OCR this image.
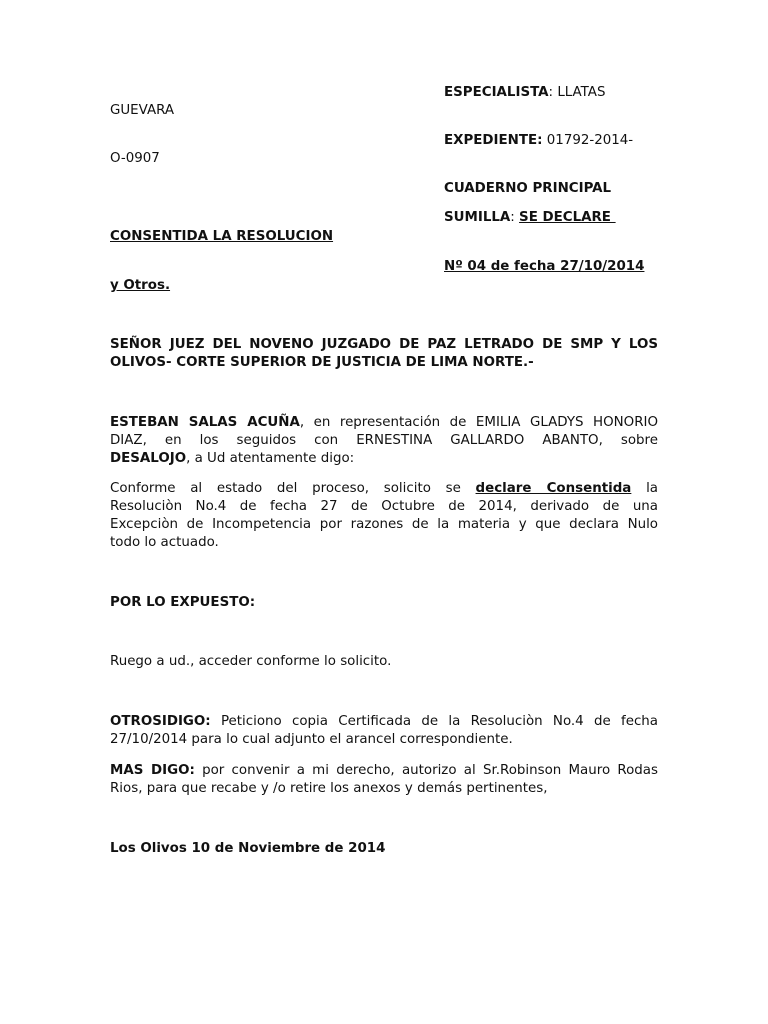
ESPECIALISTA: LLATAS
GUEVARA
EXPEDIENTE: 01792-2014-
O-0907
CUADERNO PRINCIPAL
SUMILLA: SE DECLARE
CONSENTIDA LA RESOLUCION
Nº 04 de fecha 27/10/2014
y Otros.
SEÑOR JUEZ DEL NOVENO JUZGADO DE PAZ LETRADO DE SMP Y LOS
OLIVOS- CORTE SUPERIOR DE JUSTICIA DE LIMA NORTE.-
ESTEBAN SALAS ACUÑA, en representación de EMILIA GLADYS HONORIO
DIAZ, en los seguidos con ERNESTINA GALLARDO ABANTO, sobre
DESALOJO, a Ud atentamente digo:
Conforme al estado del proceso, solicito se declare Consentida la
Resoluciòn No.4 de fecha 27 de Octubre de 2014, derivado de una
Excepciòn de Incompetencia por razones de la materia y que declara Nulo
todo lo actuado.
POR LO EXPUESTO:
Ruego a ud., acceder conforme lo solicito.
OTROSIDIGO: Peticiono copia Certificada de la Resoluciòn No.4 de fecha
27/10/2014 para lo cual adjunto el arancel correspondiente.
MAS DIGO: por convenir a mi derecho, autorizo al Sr.Robinson Mauro Rodas
Rios, para que recabe y /o retire los anexos y demás pertinentes,
Los Olivos 10 de Noviembre de 2014
